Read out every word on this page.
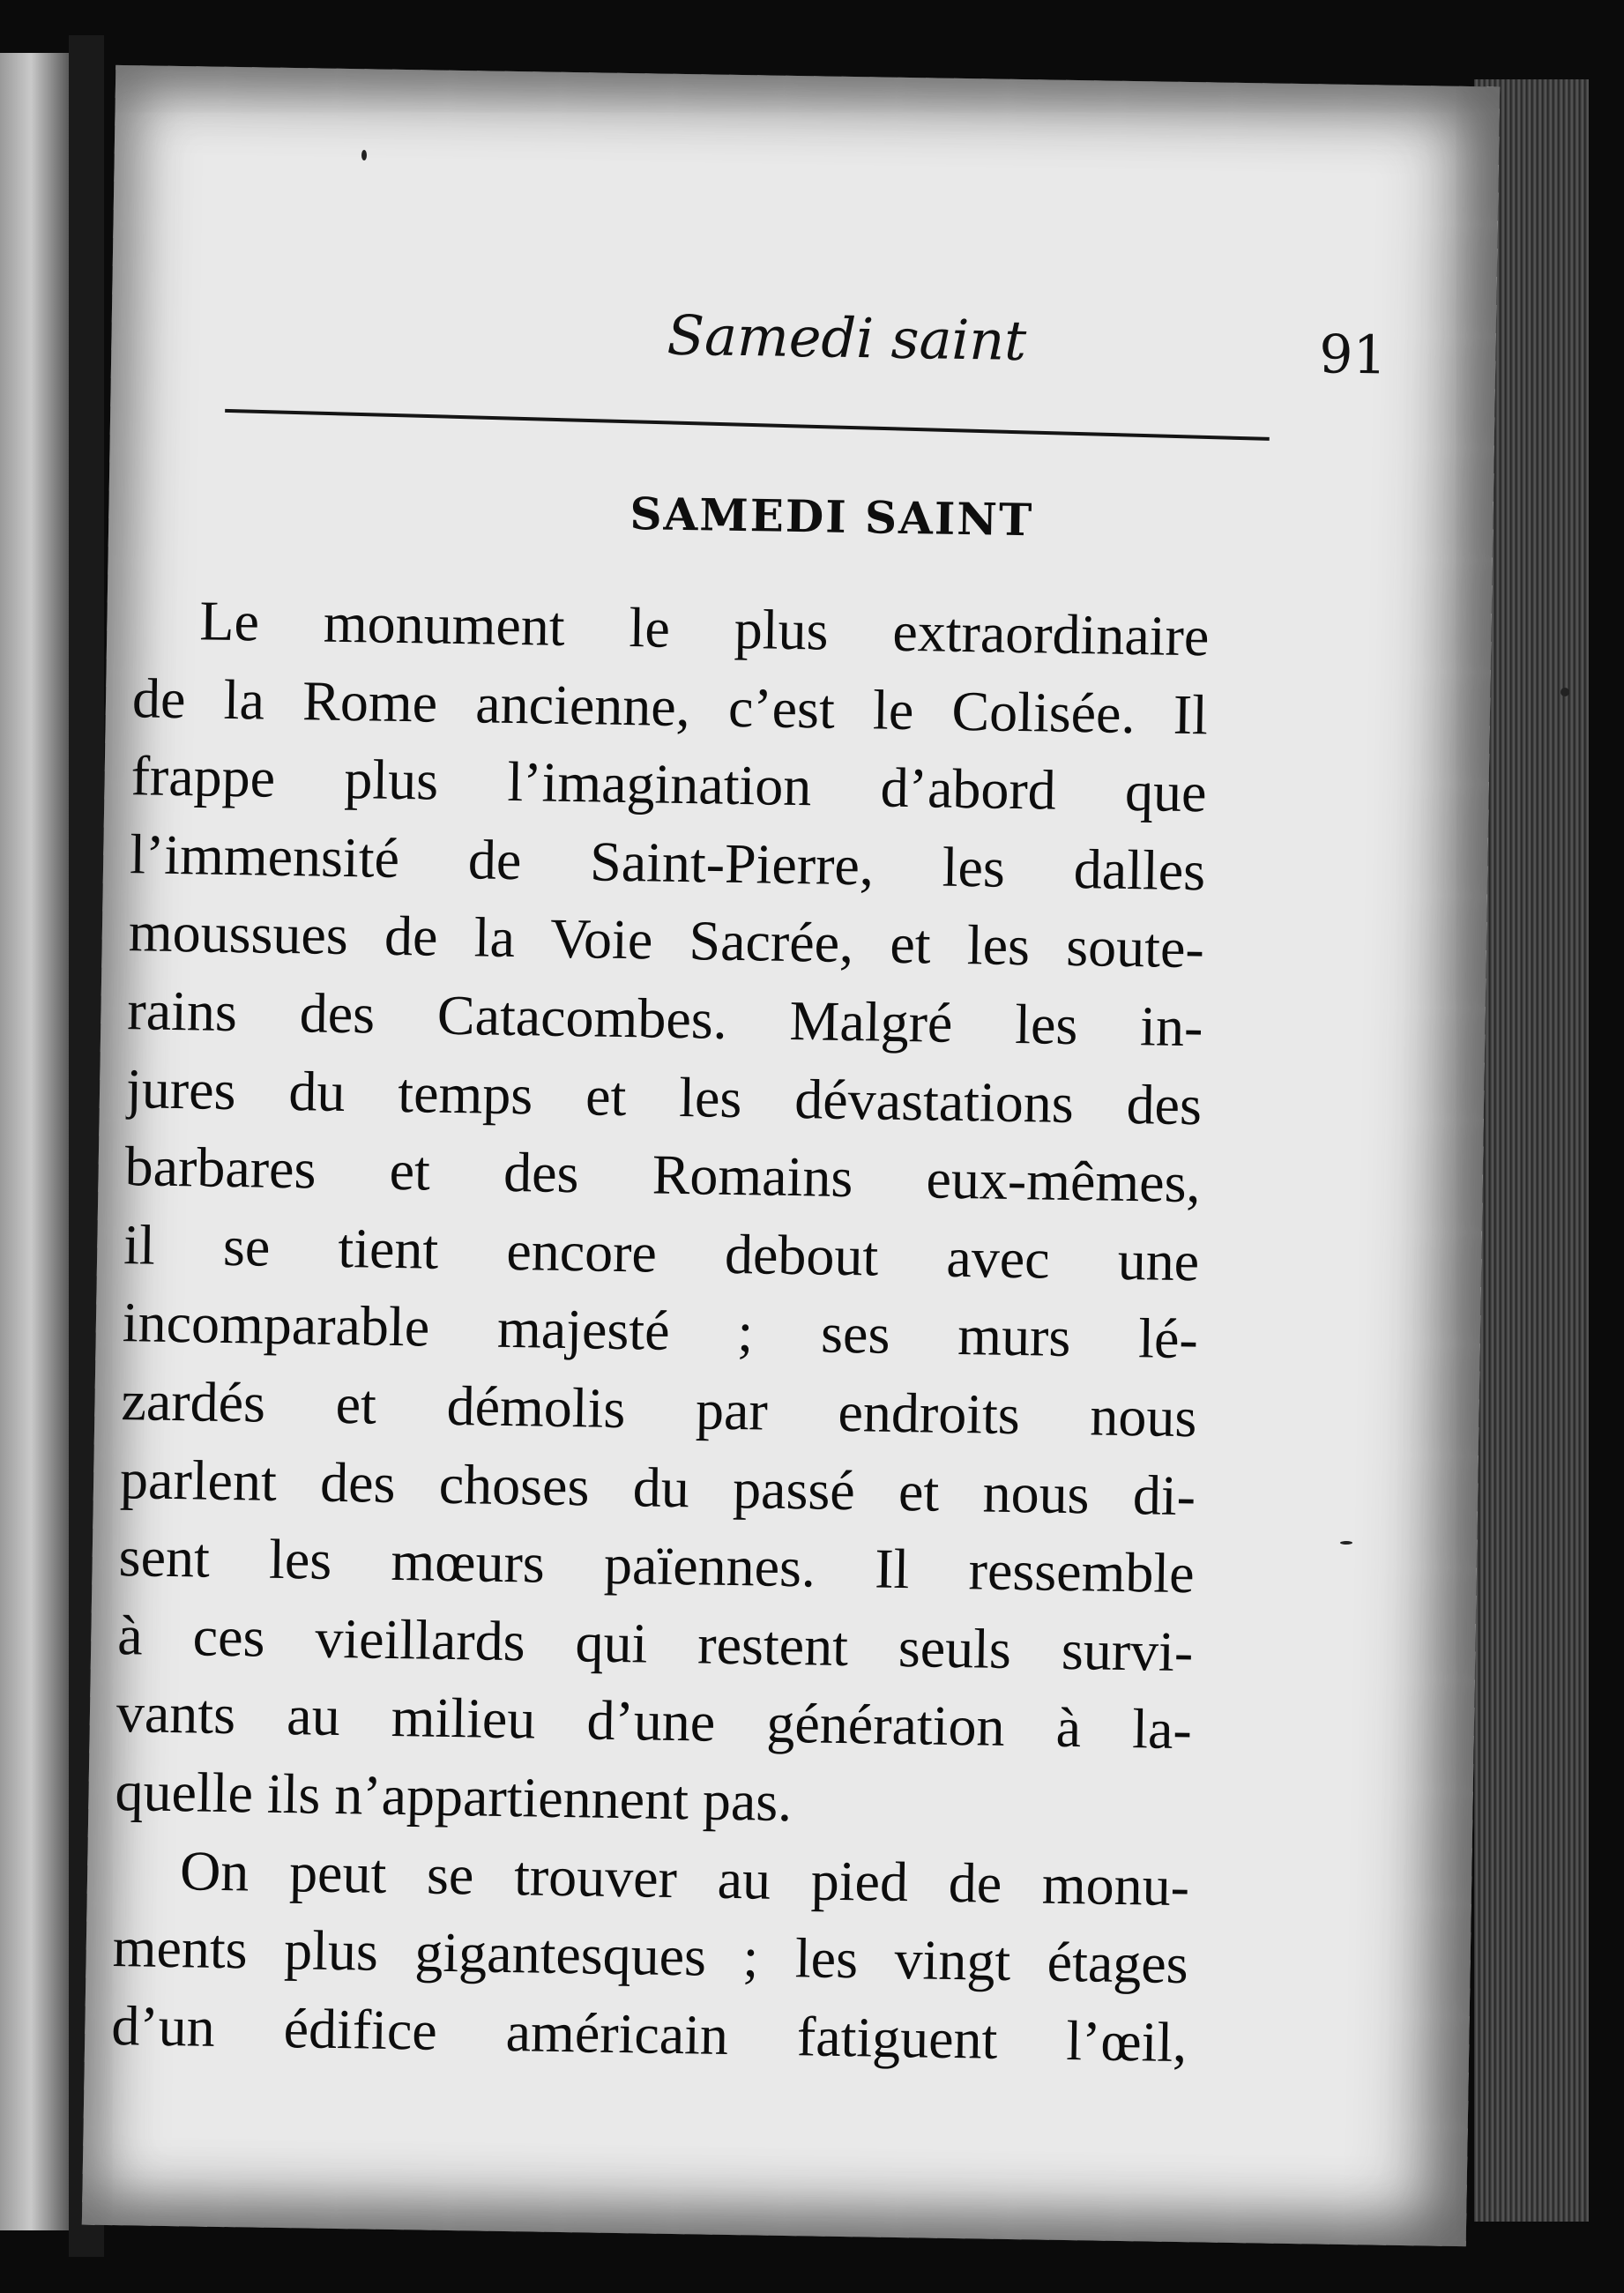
Samedi saint	91
SAMEDI SAINT
Le monument le plus extraordinaire
de la Rome ancienne, c’est le Colisée. Il
frappe plus l’imagination d’abord que
l’immensité de Saint-Pierre, les dalles
moussues de la Voie Sacrée, et les soute-
rains des Catacombes. Malgré les in-
jures du temps et les dévastations des
barbares et des Romains eux-mêmes,
il se tient encore debout avec une
incomparable majesté ; ses murs lé-
zardés et démolis par endroits nous
parlent des choses du passé et nous di-
sent les mœurs païennes. Il ressemble
à ces vieillards qui restent seuls survi-
vants au milieu d’une génération à la-
quelle ils n’appartiennent pas.
On peut se trouver au pied de monu-
ments plus gigantesques ; les vingt étages
d’un édifice américain fatiguent l’œil,
